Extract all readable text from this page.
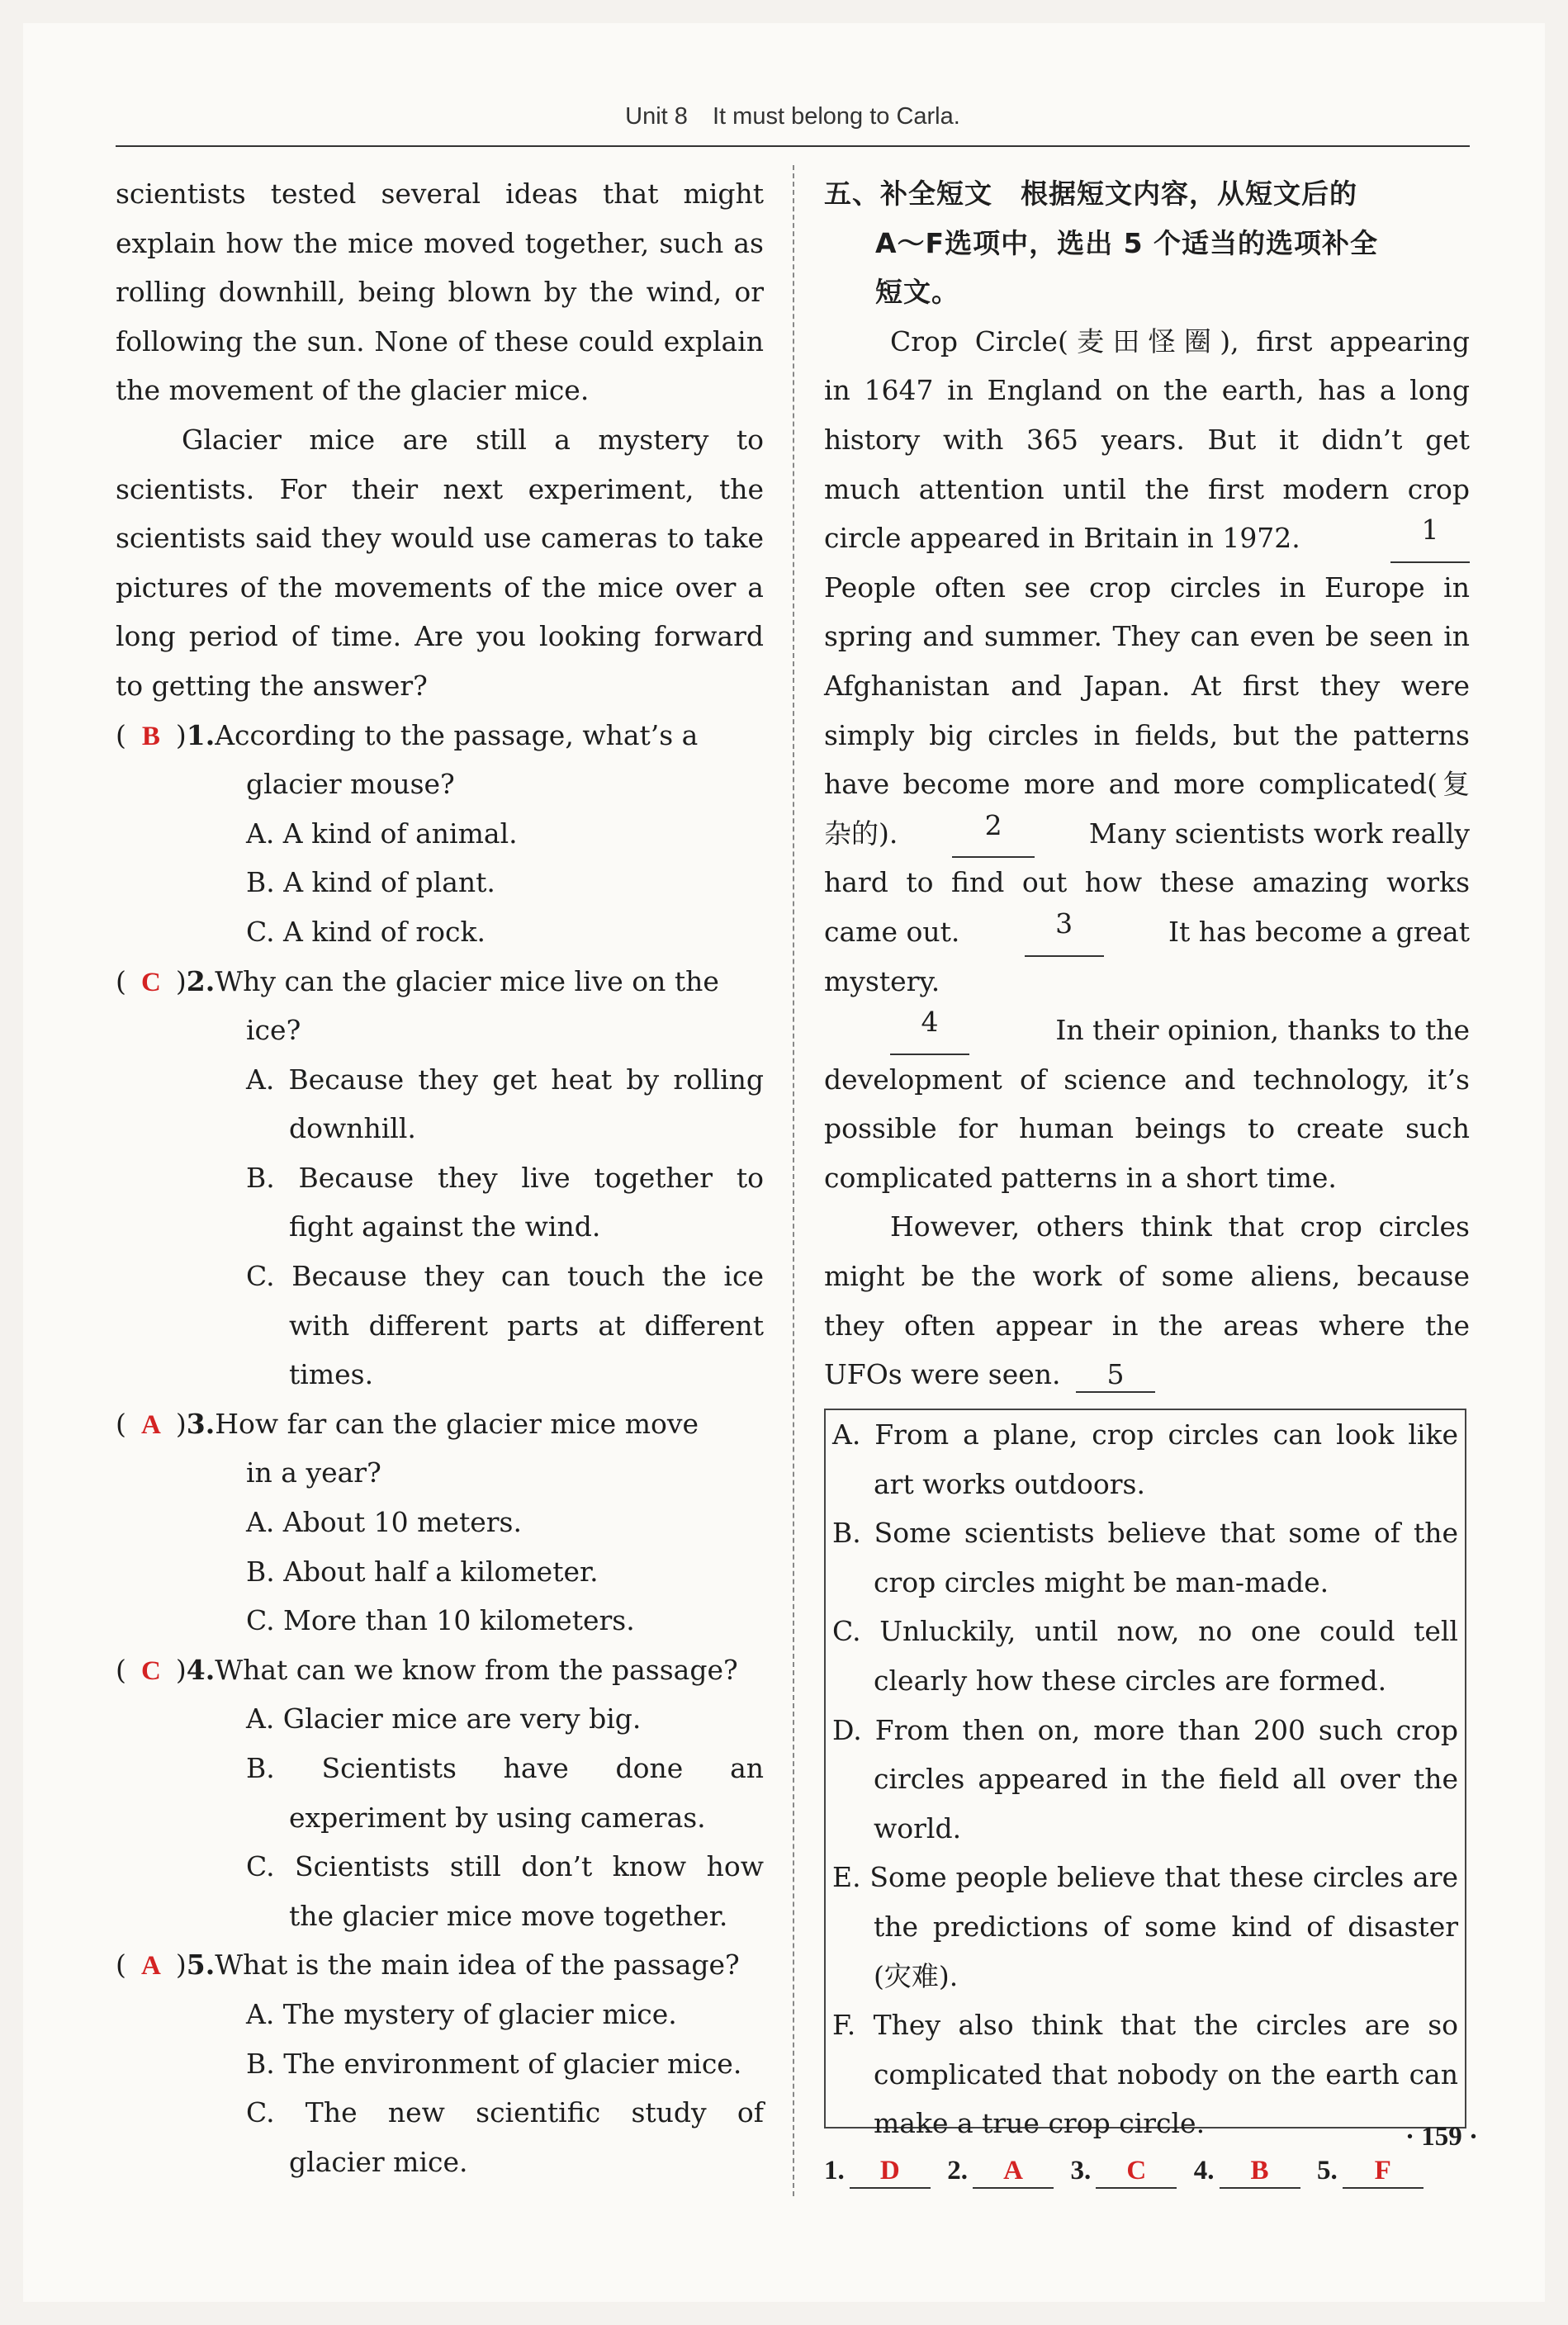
Unit 8 It must belong to Carla.
scientists tested several ideas that might
explain how the mice moved together, such as
rolling downhill, being blown by the wind, or
following the sun. None of these could explain
the movement of the glacier mice.
Glacier mice are still a mystery to
scientists. For their next experiment, the
scientists said they would use cameras to take
pictures of the movements of the mice over a
long period of time. Are you looking forward
to getting the answer?
( B )1.According to the passage, what’s a
glacier mouse?
A. A kind of animal.
B. A kind of plant.
C. A kind of rock.
( C )2.Why can the glacier mice live on the
ice?
A. Because they get heat by rolling
downhill.
B. Because they live together to
fight against the wind.
C. Because they can touch the ice
with different parts at different
times.
( A )3.How far can the glacier mice move
in a year?
A. About 10 meters.
B. About half a kilometer.
C. More than 10 kilometers.
( C )4.What can we know from the passage?
A. Glacier mice are very big.
B. Scientists have done an
experiment by using cameras.
C. Scientists still don’t know how
the glacier mice move together.
( A )5.What is the main idea of the passage?
A. The mystery of glacier mice.
B. The environment of glacier mice.
C. The new scientific study of
glacier mice.
五、补全短文　根据短文内容，从短文后的
A～F选项中，选出 5 个适当的选项补全
短文。
Crop Circle(麦田怪圈), first appearing
in 1647 in England on the earth, has a long
history with 365 years. But it didn’t get
much attention until the first modern crop
circle appeared in Britain in 1972.	1
People often see crop circles in Europe in
spring and summer. They can even be seen in
Afghanistan and Japan. At first they were
simply big circles in fields, but the patterns
have become more and more complicated(复
杂的).	2	Many scientists work really
hard to find out how these amazing works
came out.	3	It has become a great
mystery.
4	In their opinion, thanks to the
development of science and technology, it’s
possible for human beings to create such
complicated patterns in a short time.
However, others think that crop circles
might be the work of some aliens, because
they often appear in the areas where the
UFOs were seen. 5
A. From a plane, crop circles can look like
art works outdoors.
B. Some scientists believe that some of the
crop circles might be man-made.
C. Unluckily, until now, no one could tell
clearly how these circles are formed.
D. From then on, more than 200 such crop
circles appeared in the field all over the
world.
E. Some people believe that these circles are
the predictions of some kind of disaster
(灾难).
F. They also think that the circles are so
complicated that nobody on the earth can
make a true crop circle.
1. D 2. A 3. C 4. B 5. F
· 159 ·
